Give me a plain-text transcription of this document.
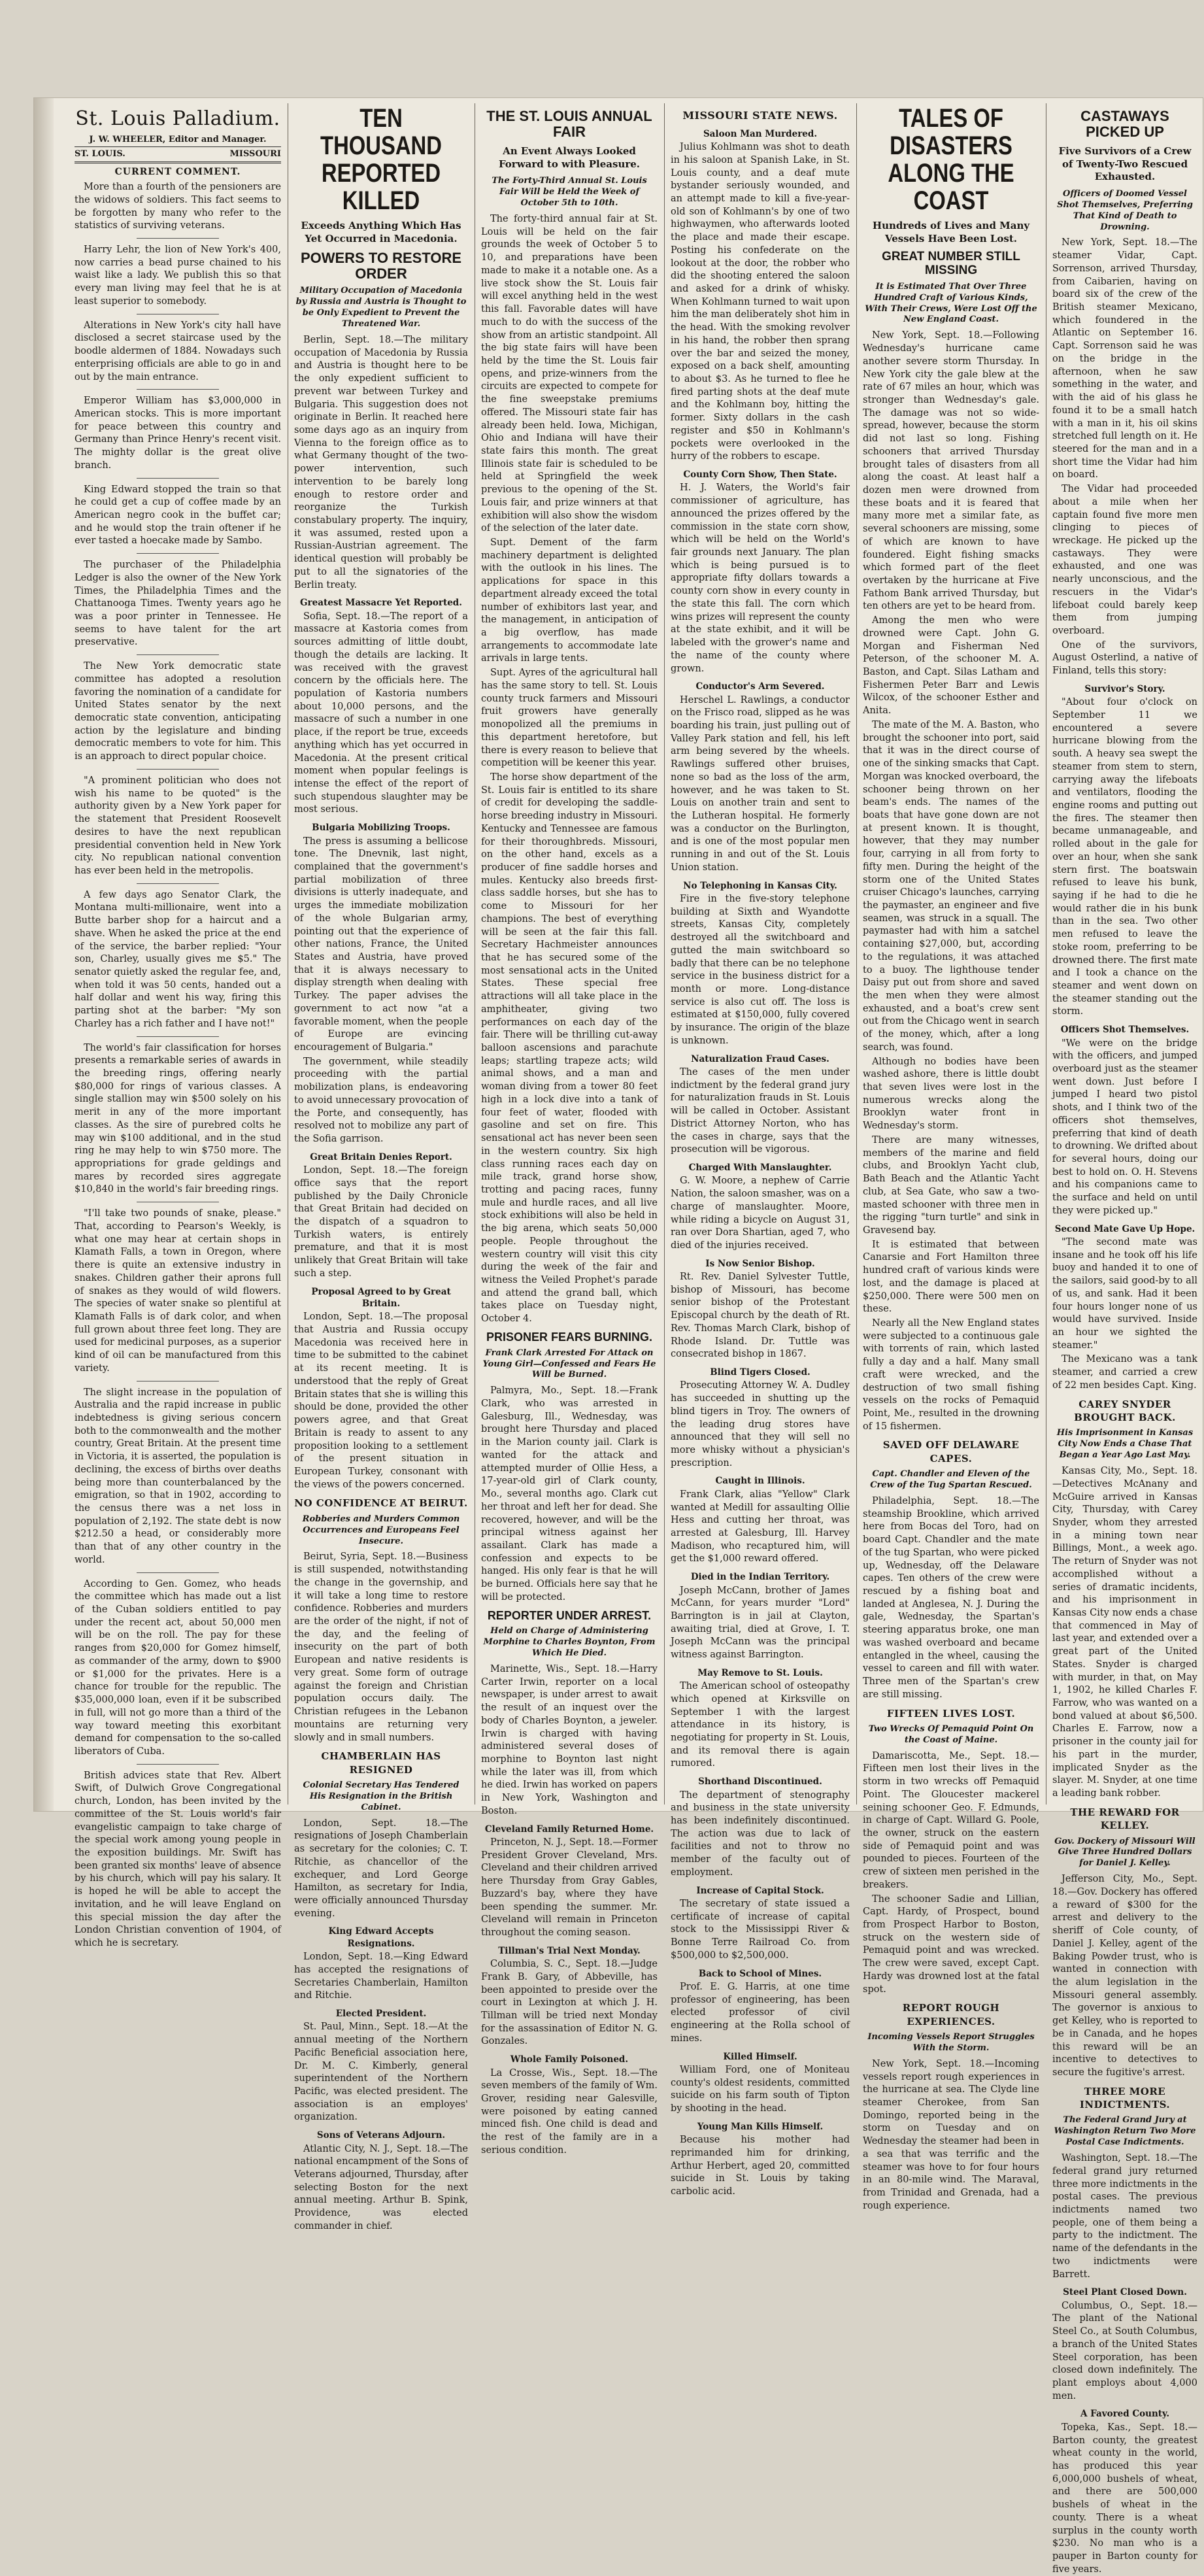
St. Louis Palladium.
J. W. WHEELER, Editor and Manager.
ST. LOUIS.	MISSOURI
CURRENT COMMENT.

More than a fourth of the pensioners are the widows of soldiers. This fact seems to be forgotten by many who refer to the statistics of surviving veterans.

Harry Lehr, the lion of New York's 400, now carries a bead purse chained to his waist like a lady. We publish this so that every man living may feel that he is at least superior to somebody.

Alterations in New York's city hall have disclosed a secret staircase used by the boodle aldermen of 1884. Nowadays such enterprising officials are able to go in and out by the main entrance.

Emperor William has $3,000,000 in American stocks. This is more important for peace between this country and Germany than Prince Henry's recent visit. The mighty dollar is the great olive branch.

King Edward stopped the train so that he could get a cup of coffee made by an American negro cook in the buffet car; and he would stop the train oftener if he ever tasted a hoecake made by Sambo.

The purchaser of the Philadelphia Ledger is also the owner of the New York Times, the Philadelphia Times and the Chattanooga Times. Twenty years ago he was a poor printer in Tennessee. He seems to have talent for the art preservative.

The New York democratic state committee has adopted a resolution favoring the nomination of a candidate for United States senator by the next democratic state convention, anticipating action by the legislature and binding democratic members to vote for him. This is an approach to direct popular choice.

"A prominent politician who does not wish his name to be quoted" is the authority given by a New York paper for the statement that President Roosevelt desires to have the next republican presidential convention held in New York city. No republican national convention has ever been held in the metropolis.

A few days ago Senator Clark, the Montana multi-millionaire, went into a Butte barber shop for a haircut and a shave. When he asked the price at the end of the service, the barber replied: "Your son, Charley, usually gives me $5." The senator quietly asked the regular fee, and, when told it was 50 cents, handed out a half dollar and went his way, firing this parting shot at the barber: "My son Charley has a rich father and I have not!"

The world's fair classification for horses presents a remarkable series of awards in the breeding rings, offering nearly $80,000 for rings of various classes. A single stallion may win $500 solely on his merit in any of the more important classes. As the sire of purebred colts he may win $100 additional, and in the stud ring he may help to win $750 more. The appropriations for grade geldings and mares by recorded sires aggregate $10,840 in the world's fair breeding rings.

"I'll take two pounds of snake, please." That, according to Pearson's Weekly, is what one may hear at certain shops in Klamath Falls, a town in Oregon, where there is quite an extensive industry in snakes. Children gather their aprons full of snakes as they would of wild flowers. The species of water snake so plentiful at Klamath Falls is of dark color, and when full grown about three feet long. They are used for medicinal purposes, as a superior kind of oil can be manufactured from this variety.

The slight increase in the population of Australia and the rapid increase in public indebtedness is giving serious concern both to the commonwealth and the mother country, Great Britain. At the present time in Victoria, it is asserted, the population is declining, the excess of births over deaths being more than counterbalanced by the emigration, so that in 1902, according to the census there was a net loss in population of 2,192. The state debt is now $212.50 a head, or considerably more than that of any other country in the world.

According to Gen. Gomez, who heads the committee which has made out a list of the Cuban soldiers entitled to pay under the recent act, about 50,000 men will be on the roll. The pay for these ranges from $20,000 for Gomez himself, as commander of the army, down to $900 or $1,000 for the privates. Here is a chance for trouble for the republic. The $35,000,000 loan, even if it be subscribed in full, will not go more than a third of the way toward meeting this exorbitant demand for compensation to the so-called liberators of Cuba.

British advices state that Rev. Albert Swift, of Dulwich Grove Congregational church, London, has been invited by the committee of the St. Louis world's fair evangelistic campaign to take charge of the special work among young people in the exposition buildings. Mr. Swift has been granted six months' leave of absence by his church, which will pay his salary. It is hoped he will be able to accept the invitation, and he will leave England on this special mission the day after the London Christian convention of 1904, of which he is secretary.

TEN THOUSAND REPORTED KILLED
Exceeds Anything Which Has Yet Occurred in Macedonia.
POWERS TO RESTORE ORDER
Military Occupation of Macedonia by Russia and Austria is Thought to be Only Expedient to Prevent the Threatened War.

Berlin, Sept. 18.—The military occupation of Macedonia by Russia and Austria is thought here to be the only expedient sufficient to prevent war between Turkey and Bulgaria. This suggestion does not originate in Berlin. It reached here some days ago as an inquiry from Vienna to the foreign office as to what Germany thought of the two-power intervention, such intervention to be barely long enough to restore order and reorganize the Turkish constabulary property. The inquiry, it was assumed, rested upon a Russian-Austrian agreement. The identical question will probably be put to all the signatories of the Berlin treaty.

Greatest Massacre Yet Reported.

Sofia, Sept. 18.—The report of a massacre at Kastoria comes from sources admitting of little doubt, though the details are lacking. It was received with the gravest concern by the officials here. The population of Kastoria numbers about 10,000 persons, and the massacre of such a number in one place, if the report be true, exceeds anything which has yet occurred in Macedonia. At the present critical moment when popular feelings is intense the effect of the report of such stupendous slaughter may be most serious.

Bulgaria Mobilizing Troops.

The press is assuming a bellicose tone. The Dnevnik, last night, complained that the government's partial mobilization of three divisions is utterly inadequate, and urges the immediate mobilization of the whole Bulgarian army, pointing out that the experience of other nations, France, the United States and Austria, have proved that it is always necessary to display strength when dealing with Turkey. The paper advises the government to act now "at a favorable moment, when the people of Europe are evincing encouragement of Bulgaria."

The government, while steadily proceeding with the partial mobilization plans, is endeavoring to avoid unnecessary provocation of the Porte, and consequently, has resolved not to mobilize any part of the Sofia garrison.

Great Britain Denies Report.

London, Sept. 18.—The foreign office says that the report published by the Daily Chronicle that Great Britain had decided on the dispatch of a squadron to Turkish waters, is entirely premature, and that it is most unlikely that Great Britain will take such a step.

Proposal Agreed to by Great Britain.

London, Sept. 18.—The proposal that Austria and Russia occupy Macedonia was received here in time to be submitted to the cabinet at its recent meeting. It is understood that the reply of Great Britain states that she is willing this should be done, provided the other powers agree, and that Great Britain is ready to assent to any proposition looking to a settlement of the present situation in European Turkey, consonant with the views of the powers concerned.

NO CONFIDENCE AT BEIRUT.
Robberies and Murders Common Occurrences and Europeans Feel Insecure.

Beirut, Syria, Sept. 18.—Business is still suspended, notwithstanding the change in the governship, and it will take a long time to restore confidence. Robberies and murders are the order of the night, if not of the day, and the feeling of insecurity on the part of both European and native residents is very great. Some form of outrage against the foreign and Christian population occurs daily. The Christian refugees in the Lebanon mountains are returning very slowly and in small numbers.

CHAMBERLAIN HAS RESIGNED
Colonial Secretary Has Tendered His Resignation in the British Cabinet.

London, Sept. 18.—The resignations of Joseph Chamberlain as secretary for the colonies; C. T. Ritchie, as chancellor of the exchequer, and Lord George Hamilton, as secretary for India, were officially announced Thursday evening.

King Edward Accepts Resignations.

London, Sept. 18.—King Edward has accepted the resignations of Secretaries Chamberlain, Hamilton and Ritchie.

Elected President.

St. Paul, Minn., Sept. 18.—At the annual meeting of the Northern Pacific Beneficial association here, Dr. M. C. Kimberly, general superintendent of the Northern Pacific, was elected president. The association is an employes' organization.

Sons of Veterans Adjourn.

Atlantic City, N. J., Sept. 18.—The national encampment of the Sons of Veterans adjourned, Thursday, after selecting Boston for the next annual meeting. Arthur B. Spink, Providence, was elected commander in chief.

THE ST. LOUIS ANNUAL FAIR
An Event Always Looked Forward to with Pleasure.
The Forty-Third Annual St. Louis Fair Will be Held the Week of October 5th to 10th.

The forty-third annual fair at St. Louis will be held on the fair grounds the week of October 5 to 10, and preparations have been made to make it a notable one. As a live stock show the St. Louis fair will excel anything held in the west this fall. Favorable dates will have much to do with the success of the show from an artistic standpoint. All the big state fairs will have been held by the time the St. Louis fair opens, and prize-winners from the circuits are expected to compete for the fine sweepstake premiums offered. The Missouri state fair has already been held. Iowa, Michigan, Ohio and Indiana will have their state fairs this month. The great Illinois state fair is scheduled to be held at Springfield the week previous to the opening of the St. Louis fair, and prize winners at that exhibition will also show the wisdom of the selection of the later date.

Supt. Dement of the farm machinery department is delighted with the outlook in his lines. The applications for space in this department already exceed the total number of exhibitors last year, and the management, in anticipation of a big overflow, has made arrangements to accommodate late arrivals in large tents.

Supt. Ayres of the agricultural hall has the same story to tell. St. Louis county truck farmers and Missouri fruit growers have generally monopolized all the premiums in this department heretofore, but there is every reason to believe that competition will be keener this year.

The horse show department of the St. Louis fair is entitled to its share of credit for developing the saddle-horse breeding industry in Missouri. Kentucky and Tennessee are famous for their thoroughbreds. Missouri, on the other hand, excels as a producer of fine saddle horses and mules. Kentucky also breeds first-class saddle horses, but she has to come to Missouri for her champions. The best of everything will be seen at the fair this fall. Secretary Hachmeister announces that he has secured some of the most sensational acts in the United States. These special free attractions will all take place in the amphitheater, giving two performances on each day of the fair. There will be thrilling cut-away balloon ascensions and parachute leaps; startling trapeze acts; wild animal shows, and a man and woman diving from a tower 80 feet high in a lock dive into a tank of four feet of water, flooded with gasoline and set on fire. This sensational act has never been seen in the western country. Six high class running races each day on mile track, grand horse show, trotting and pacing races, funny mule and hurdle races, and all live stock exhibitions will also be held in the big arena, which seats 50,000 people. People throughout the western country will visit this city during the week of the fair and witness the Veiled Prophet's parade and attend the grand ball, which takes place on Tuesday night, October 4.

PRISONER FEARS BURNING.
Frank Clark Arrested For Attack on Young Girl—Confessed and Fears He Will be Burned.

Palmyra, Mo., Sept. 18.—Frank Clark, who was arrested in Galesburg, Ill., Wednesday, was brought here Thursday and placed in the Marion county jail. Clark is wanted for the attack and attempted murder of Ollie Hess, a 17-year-old girl of Clark county, Mo., several months ago. Clark cut her throat and left her for dead. She recovered, however, and will be the principal witness against her assailant. Clark has made a confession and expects to be hanged. His only fear is that he will be burned. Officials here say that he will be protected.

REPORTER UNDER ARREST.
Held on Charge of Administering Morphine to Charles Boynton, From Which He Died.

Marinette, Wis., Sept. 18.—Harry Carter Irwin, reporter on a local newspaper, is under arrest to await the result of an inquest over the body of Charles Boynton, a jeweler. Irwin is charged with having administered several doses of morphine to Boynton last night while the later was ill, from which he died. Irwin has worked on papers in New York, Washington and Boston.

Cleveland Family Returned Home.

Princeton, N. J., Sept. 18.—Former President Grover Cleveland, Mrs. Cleveland and their children arrived here Thursday from Gray Gables, Buzzard's bay, where they have been spending the summer. Mr. Cleveland will remain in Princeton throughout the coming season.

Tillman's Trial Next Monday.

Columbia, S. C., Sept. 18.—Judge Frank B. Gary, of Abbeville, has been appointed to preside over the court in Lexington at which J. H. Tillman will be tried next Monday for the assassination of Editor N. G. Gonzales.

Whole Family Poisoned.

La Crosse, Wis., Sept. 18.—The seven members of the family of Wm. Grover, residing near Galesville, were poisoned by eating canned minced fish. One child is dead and the rest of the family are in a serious condition.

MISSOURI STATE NEWS.
Saloon Man Murdered.

Julius Kohlmann was shot to death in his saloon at Spanish Lake, in St. Louis county, and a deaf mute bystander seriously wounded, and an attempt made to kill a five-year-old son of Kohlmann's by one of two highwaymen, who afterwards looted the place and made their escape. Posting his confederate on the lookout at the door, the robber who did the shooting entered the saloon and asked for a drink of whisky. When Kohlmann turned to wait upon him the man deliberately shot him in the head. With the smoking revolver in his hand, the robber then sprang over the bar and seized the money, exposed on a back shelf, amounting to about $3. As he turned to flee he fired parting shots at the deaf mute and the Kohlmann boy, hitting the former. Sixty dollars in the cash register and $50 in Kohlmann's pockets were overlooked in the hurry of the robbers to escape.

County Corn Show, Then State.

H. J. Waters, the World's fair commissioner of agriculture, has announced the prizes offered by the commission in the state corn show, which will be held on the World's fair grounds next January. The plan which is being pursued is to appropriate fifty dollars towards a county corn show in every county in the state this fall. The corn which wins prizes will represent the county at the state exhibit, and it will be labeled with the grower's name and the name of the county where grown.

Conductor's Arm Severed.

Herschel L. Rawlings, a conductor on the Frisco road, slipped as he was boarding his train, just pulling out of Valley Park station and fell, his left arm being severed by the wheels. Rawlings suffered other bruises, none so bad as the loss of the arm, however, and he was taken to St. Louis on another train and sent to the Lutheran hospital. He formerly was a conductor on the Burlington, and is one of the most popular men running in and out of the St. Louis Union station.

No Telephoning in Kansas City.

Fire in the five-story telephone building at Sixth and Wyandotte streets, Kansas City, completely destroyed all the switchboard and gutted the main switchboard so badly that there can be no telephone service in the business district for a month or more. Long-distance service is also cut off. The loss is estimated at $150,000, fully covered by insurance. The origin of the blaze is unknown.

Naturalization Fraud Cases.

The cases of the men under indictment by the federal grand jury for naturalization frauds in St. Louis will be called in October. Assistant District Attorney Norton, who has the cases in charge, says that the prosecution will be vigorous.

Charged With Manslaughter.

G. W. Moore, a nephew of Carrie Nation, the saloon smasher, was on a charge of manslaughter. Moore, while riding a bicycle on August 31, ran over Dora Shartian, aged 7, who died of the injuries received.

Is Now Senior Bishop.

Rt. Rev. Daniel Sylvester Tuttle, bishop of Missouri, has become senior bishop of the Protestant Episcopal church by the death of Rt. Rev. Thomas March Clark, bishop of Rhode Island. Dr. Tuttle was consecrated bishop in 1867.

Blind Tigers Closed.

Prosecuting Attorney W. A. Dudley has succeeded in shutting up the blind tigers in Troy. The owners of the leading drug stores have announced that they will sell no more whisky without a physician's prescription.

Caught in Illinois.

Frank Clark, alias "Yellow" Clark wanted at Medill for assaulting Ollie Hess and cutting her throat, was arrested at Galesburg, Ill. Harvey Madison, who recaptured him, will get the $1,000 reward offered.

Died in the Indian Territory.

Joseph McCann, brother of James McCann, for years murder "Lord" Barrington is in jail at Clayton, awaiting trial, died at Grove, I. T. Joseph McCann was the principal witness against Barrington.

May Remove to St. Louis.

The American school of osteopathy which opened at Kirksville on September 1 with the largest attendance in its history, is negotiating for property in St. Louis, and its removal there is again rumored.

Shorthand Discontinued.

The department of stenography and business in the state university has been indefinitely discontinued. The action was due to lack of facilities and not to throw no member of the faculty out of employment.

Increase of Capital Stock.

The secretary of state issued a certificate of increase of capital stock to the Mississippi River & Bonne Terre Railroad Co. from $500,000 to $2,500,000.

Back to School of Mines.

Prof. E. G. Harris, at one time professor of engineering, has been elected professor of civil engineering at the Rolla school of mines.

Killed Himself.

William Ford, one of Moniteau county's oldest residents, committed suicide on his farm south of Tipton by shooting in the head.

Young Man Kills Himself.

Because his mother had reprimanded him for drinking, Arthur Herbert, aged 20, committed suicide in St. Louis by taking carbolic acid.

TALES OF DISASTERS ALONG THE COAST
Hundreds of Lives and Many Vessels Have Been Lost.
GREAT NUMBER STILL MISSING
It is Estimated That Over Three Hundred Craft of Various Kinds, With Their Crews, Were Lost Off the New England Coast.

New York, Sept. 18.—Following Wednesday's hurricane came another severe storm Thursday. In New York city the gale blew at the rate of 67 miles an hour, which was stronger than Wednesday's gale. The damage was not so wide-spread, however, because the storm did not last so long. Fishing schooners that arrived Thursday brought tales of disasters from all along the coast. At least half a dozen men were drowned from these boats and it is feared that many more met a similar fate, as several schooners are missing, some of which are known to have foundered. Eight fishing smacks which formed part of the fleet overtaken by the hurricane at Five Fathom Bank arrived Thursday, but ten others are yet to be heard from.

Among the men who were drowned were Capt. John G. Morgan and Fisherman Ned Peterson, of the schooner M. A. Baston, and Capt. Silas Latham and Fishermen Peter Barr and Lewis Wilcox, of the schooner Esther and Anita.

The mate of the M. A. Baston, who brought the schooner into port, said that it was in the direct course of one of the sinking smacks that Capt. Morgan was knocked overboard, the schooner being thrown on her beam's ends. The names of the boats that have gone down are not at present known. It is thought, however, that they may number four, carrying in all from forty to fifty men. During the height of the storm one of the United States cruiser Chicago's launches, carrying the paymaster, an engineer and five seamen, was struck in a squall. The paymaster had with him a satchel containing $27,000, but, according to the regulations, it was attached to a buoy. The lighthouse tender Daisy put out from shore and saved the men when they were almost exhausted, and a boat's crew sent out from the Chicago went in search of the money, which, after a long search, was found.

Although no bodies have been washed ashore, there is little doubt that seven lives were lost in the numerous wrecks along the Brooklyn water front in Wednesday's storm.

There are many witnesses, members of the marine and field clubs, and Brooklyn Yacht club, Bath Beach and the Atlantic Yacht club, at Sea Gate, who saw a two-masted schooner with three men in the rigging "turn turtle" and sink in Gravesend bay.

It is estimated that between Canarsie and Fort Hamilton three hundred craft of various kinds were lost, and the damage is placed at $250,000. There were 500 men on these.

Nearly all the New England states were subjected to a continuous gale with torrents of rain, which lasted fully a day and a half. Many small craft were wrecked, and the destruction of two small fishing vessels on the rocks of Pemaquid Point, Me., resulted in the drowning of 15 fishermen.

SAVED OFF DELAWARE CAPES.
Capt. Chandler and Eleven of the Crew of the Tug Spartan Rescued.

Philadelphia, Sept. 18.—The steamship Brookline, which arrived here from Bocas del Toro, had on board Capt. Chandler and the mate of the tug Spartan, who were picked up, Wednesday, off the Delaware capes. Ten others of the crew were rescued by a fishing boat and landed at Anglesea, N. J. During the gale, Wednesday, the Spartan's steering apparatus broke, one man was washed overboard and became entangled in the wheel, causing the vessel to careen and fill with water. Three men of the Spartan's crew are still missing.

FIFTEEN LIVES LOST.
Two Wrecks Of Pemaquid Point On the Coast of Maine.

Damariscotta, Me., Sept. 18.—Fifteen men lost their lives in the storm in two wrecks off Pemaquid Point. The Gloucester mackerel seining schooner Geo. F. Edmunds, in charge of Capt. Willard G. Poole, the owner, struck on the eastern side of Pemaquid point and was pounded to pieces. Fourteen of the crew of sixteen men perished in the breakers.

The schooner Sadie and Lillian, Capt. Hardy, of Prospect, bound from Prospect Harbor to Boston, struck on the western side of Pemaquid point and was wrecked. The crew were saved, except Capt. Hardy was drowned lost at the fatal spot.

REPORT ROUGH EXPERIENCES.
Incoming Vessels Report Struggles With the Storm.

New York, Sept. 18.—Incoming vessels report rough experiences in the hurricane at sea. The Clyde line steamer Cherokee, from San Domingo, reported being in the storm on Tuesday and on Wednesday the steamer had been in a sea that was terrific and the steamer was hove to for four hours in an 80-mile wind. The Maraval, from Trinidad and Grenada, had a rough experience.

CASTAWAYS PICKED UP
Five Survivors of a Crew of Twenty-Two Rescued Exhausted.
Officers of Doomed Vessel Shot Themselves, Preferring That Kind of Death to Drowning.

New York, Sept. 18.—The steamer Vidar, Capt. Sorrenson, arrived Thursday, from Caibarien, having on board six of the crew of the British steamer Mexicano, which foundered in the Atlantic on September 16. Capt. Sorrenson said he was on the bridge in the afternoon, when he saw something in the water, and with the aid of his glass he found it to be a small hatch with a man in it, his oil skins stretched full length on it. He steered for the man and in a short time the Vidar had him on board.

The Vidar had proceeded about a mile when her captain found five more men clinging to pieces of wreckage. He picked up the castaways. They were exhausted, and one was nearly unconscious, and the rescuers in the Vidar's lifeboat could barely keep them from jumping overboard.

One of the survivors, August Osterlind, a native of Finland, tells this story:

Survivor's Story.

"About four o'clock on September 11 we encountered a severe hurricane blowing from the south. A heavy sea swept the steamer from stem to stern, carrying away the lifeboats and ventilators, flooding the engine rooms and putting out the fires. The steamer then became unmanageable, and rolled about in the gale for over an hour, when she sank stern first. The boatswain refused to leave his bunk, saying if he had to die he would rather die in his bunk than in the sea. Two other men refused to leave the stoke room, preferring to be drowned there. The first mate and I took a chance on the steamer and went down on the steamer standing out the storm.

Officers Shot Themselves.

"We were on the bridge with the officers, and jumped overboard just as the steamer went down. Just before I jumped I heard two pistol shots, and I think two of the officers shot themselves, preferring that kind of death to drowning. We drifted about for several hours, doing our best to hold on. O. H. Stevens and his companions came to the surface and held on until they were picked up."

Second Mate Gave Up Hope.

"The second mate was insane and he took off his life buoy and handed it to one of the sailors, said good-by to all of us, and sank. Had it been four hours longer none of us would have survived. Inside an hour we sighted the steamer."

The Mexicano was a tank steamer, and carried a crew of 22 men besides Capt. King.

CAREY SNYDER BROUGHT BACK.
His Imprisonment in Kansas City Now Ends a Chase That Began a Year Ago Last May.

Kansas City, Mo., Sept. 18.—Detectives McAnany and McGuire arrived in Kansas City, Thursday, with Carey Snyder, whom they arrested in a mining town near Billings, Mont., a week ago. The return of Snyder was not accomplished without a series of dramatic incidents, and his imprisonment in Kansas City now ends a chase that commenced in May of last year, and extended over a great part of the United States. Snyder is charged with murder, in that, on May 1, 1902, he killed Charles F. Farrow, who was wanted on a bond valued at about $6,500. Charles E. Farrow, now a prisoner in the county jail for his part in the murder, implicated Snyder as the slayer. M. Snyder, at one time a leading bank robber.

THE REWARD FOR KELLEY.
Gov. Dockery of Missouri Will Give Three Hundred Dollars for Daniel J. Kelley.

Jefferson City, Mo., Sept. 18.—Gov. Dockery has offered a reward of $300 for the arrest and delivery to the sheriff of Cole county, of Daniel J. Kelley, agent of the Baking Powder trust, who is wanted in connection with the alum legislation in the Missouri general assembly. The governor is anxious to get Kelley, who is reported to be in Canada, and he hopes this reward will be an incentive to detectives to secure the fugitive's arrest.

THREE MORE INDICTMENTS.
The Federal Grand Jury at Washington Return Two More Postal Case Indictments.

Washington, Sept. 18.—The federal grand jury returned three more indictments in the postal cases. The previous indictments named two people, one of them being a party to the indictment. The name of the defendants in the two indictments were Barrett.

Steel Plant Closed Down.

Columbus, O., Sept. 18.—The plant of the National Steel Co., at South Columbus, a branch of the United States Steel corporation, has been closed down indefinitely. The plant employs about 4,000 men.

A Favored County.

Topeka, Kas., Sept. 18.—Barton county, the greatest wheat county in the world, has produced this year 6,000,000 bushels of wheat, and there are 500,000 bushels of wheat in the county. There is a wheat surplus in the county worth $230. No man who is a pauper in Barton county for five years.
